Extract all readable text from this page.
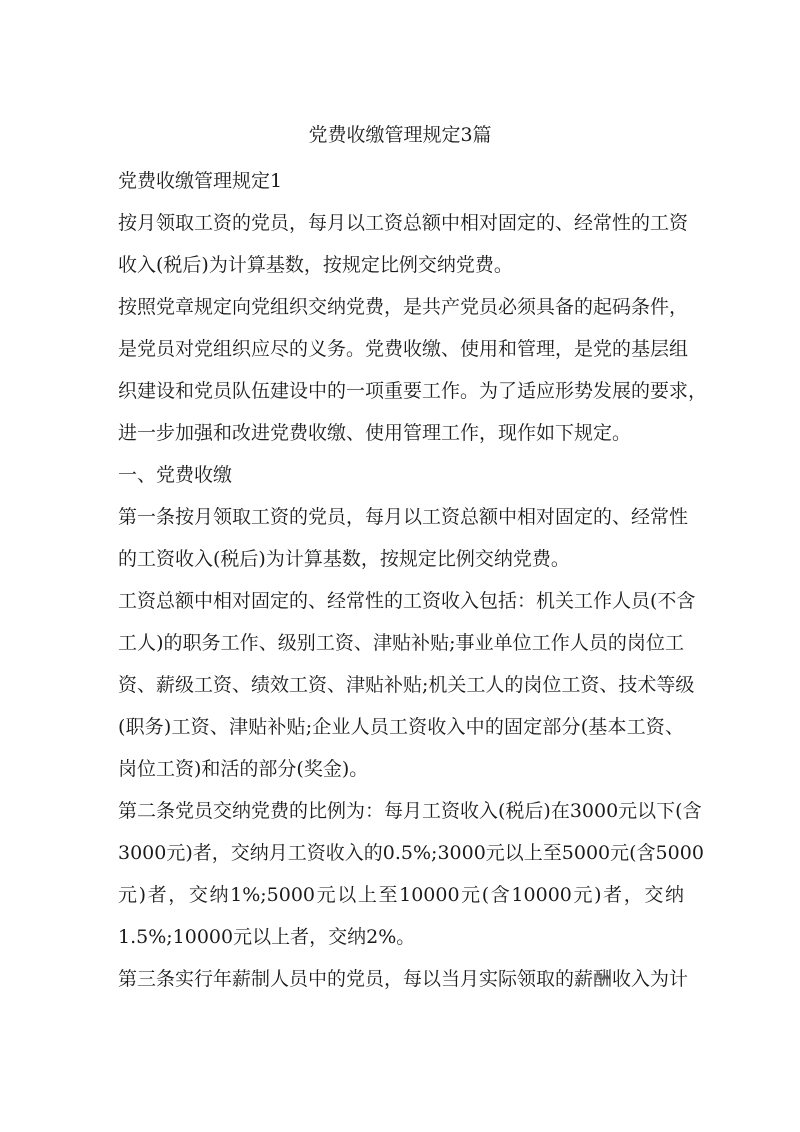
党费收缴管理规定3篇
党费收缴管理规定1
按月领取工资的党员，每月以工资总额中相对固定的、经常性的工资
收入(税后)为计算基数，按规定比例交纳党费。
按照党章规定向党组织交纳党费，是共产党员必须具备的起码条件，
是党员对党组织应尽的义务。党费收缴、使用和管理，是党的基层组
织建设和党员队伍建设中的一项重要工作。为了适应形势发展的要求，
进一步加强和改进党费收缴、使用管理工作，现作如下规定。
一、党费收缴
第一条按月领取工资的党员，每月以工资总额中相对固定的、经常性
的工资收入(税后)为计算基数，按规定比例交纳党费。
工资总额中相对固定的、经常性的工资收入包括：机关工作人员(不含
工人)的职务工作、级别工资、津贴补贴;事业单位工作人员的岗位工
资、薪级工资、绩效工资、津贴补贴;机关工人的岗位工资、技术等级
(职务)工资、津贴补贴;企业人员工资收入中的固定部分(基本工资、
岗位工资)和活的部分(奖金)。
第二条党员交纳党费的比例为：每月工资收入(税后)在3000元以下(含
3000元)者，交纳月工资收入的0.5%;3000元以上至5000元(含5000
元)者，交纳1%;5000元以上至10000元(含10000元)者，交纳
1.5%;10000元以上者，交纳2%。
第三条实行年薪制人员中的党员，每以当月实际领取的薪酬收入为计
